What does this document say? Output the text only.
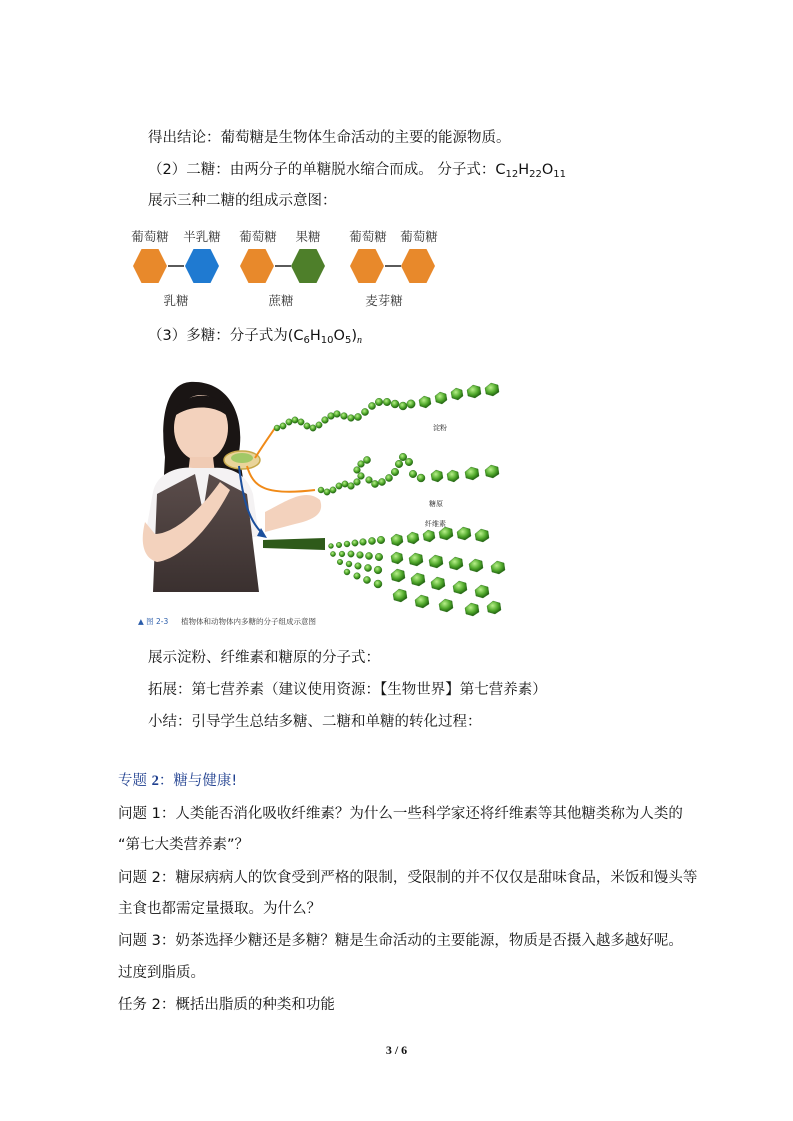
得出结论：葡萄糖是生物体生命活动的主要的能源物质。
（2）二糖：由两分子的单糖脱水缩合而成。 分子式：$C_{12}H_{22}O_{11}$
展示三种二糖的组成示意图：
葡萄糖 半乳糖
乳糖
葡萄糖 果糖
蔗糖
葡萄糖 葡萄糖
麦芽糖
（3）多糖：分子式为$(C_6H_{10}O_5)_n$
淀粉
糖原
纤维素
▲ 图 2-3 植物体和动物体内多糖的分子组成示意图
展示淀粉、纤维素和糖原的分子式：
拓展：第七营养素（建议使用资源：【生物世界】第七营养素）
小结：引导学生总结多糖、二糖和单糖的转化过程：
专题 2：糖与健康!
问题 1：人类能否消化吸收纤维素？为什么一些科学家还将纤维素等其他糖类称为人类的
“第七大类营养素”？
问题 2：糖尿病病人的饮食受到严格的限制，受限制的并不仅仅是甜味食品，米饭和馒头等
主食也都需定量摄取。为什么？
问题 3：奶茶选择少糖还是多糖？糖是生命活动的主要能源，物质是否摄入越多越好呢。
过度到脂质。
任务 2：概括出脂质的种类和功能
3 / 6
